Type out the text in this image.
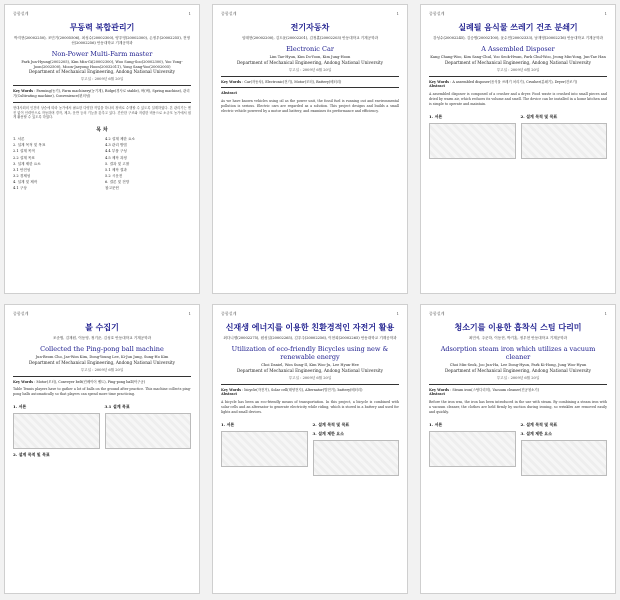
종합설계	1
무동력 복합관리기
박지현(20002250), 조민기(20005506), 최성수(20002300), 양우영(20002300), 손정우(20002255), 전영선(20002256) 안동대학교 기계공학과
Non-Power Multi-Farm master
Park Jun-Hyung(2002205), Kim Min-Gi(20002300), Woo Sung-Soo(20002300), Yoo Yong-Joon(2002500), Moon-Jaeyong Hoon(20032011), Yong Sang-Yoo(20002005)
Department of Mechanical Engineering, Andong National University
투고일 : 2009년 6월 20일
Key Words : Farming(농기), Farm machinery(농기계), Ridge(경사로 stable), 벼(벼), Spring machine), 관리기(Cultivating machine), Convenience(편의성)
현대사회의 인건비 상승에 따라 농가에서 필요한 다양한 작업을 하나의 장비로 수행할 수 있도록 설계하였다. 본 관리기는 엔진 없이 인력만으로 작동하며 경작, 제초, 운반 등의 기능을 갖추고 있다. 간단한 구조와 저렴한 비용으로 소규모 농가에서 쉽게 활용할 수 있도록 하였다.
목 차
1. 서론
2. 설계 목적 및 목표
2.1 설계 목적
2.2 설계 목표
3. 설계 제한 요소
3.1 안전성
3.2 경제성
4. 설계 및 제작
4.1 구상
4.2 설계 제한 요소
4.3 관리 방법
4.4 부품 구성
4.5 제작 과정
5. 결과 및 고찰
5.1 제작 결과
5.2 시운전
6. 결론 및 전망
참고문헌
종합설계	1
전기자동차
임태현(20002200), 김도윤(20002201), 김정훈(20002203) 안동대학교 기계공학과
Electronic Car
Lim Tae-Hyun, Kim Do-Yoon, Kim Jung-Hoon
Department of Mechanical Engineering, Andong National University
투고일 : 2009년 6월 20일
Key Words : Car(자동차), Electronic(전기), Motor(모터), Battery(배터리)
Abstract
As we have known vehicles using oil as the power unit, the fossil fuel is running out and environmental pollution is serious. Electric cars are regarded as a solution. This project designs and builds a small electric vehicle powered by a motor and battery, and examines its performance and efficiency.
종합설계	1
실례될 음식물 쓰레기 건조 분쇄기
강성수(20002245), 김승범(20002100), 윤수민(20002333), 남재영(20002216) 안동대학교 기계공학과
A Assembled Disposer
Kang Chang-Woo, Kim Sang-Chul, Yoo Seok-Hwan, Park Chul-Woo, Jeong Min-Yong, Jun-Tae Han
Department of Mechanical Engineering, Andong National University
투고일 : 2009년 6월 20일
Key Words : A assembled disposer(음식물 쓰레기 처리기), Crusher(분쇄기), Dryer(건조기)
Abstract
A assembled disposer is composed of a crusher and a dryer. Food waste is crushed into small pieces and dried by warm air, which reduces its volume and smell. The device can be installed in a home kitchen and is simple to operate and maintain.
1. 서론	2. 설계 목적 및 목표
종합설계	1
볼 수집기
조준범, 김재원, 이동영, 정기준, 김성호 안동대학교 기계공학과
Collected the Ping-pong ball machine
Jun-Beom Cho, Jae-Won Kim, Dong-Young Lee, Ki-Jun Jung, Sung-Ho Kim
Department of Mechanical Engineering, Andong National University
투고일 : 2009년 6월 20일
Key Words : Motor(모터), Conveyer belt(컨베이어 벨트), Ping-pong ball(탁구공)
Table Tennis players have to gather a lot of balls on the ground after practice. This machine collects ping-pong balls automatically so that players can spend more time practicing.
1. 서론
2. 설계 목적 및 목표
3.1 설계 목표
종합설계	1
신재생 에너지를 이용한 친환경적인 자전거 활용
최다니엘(20002275), 원성일(20002265), 김우주(20002256), 이현희(20002265) 안동대학교 기계공학과
Utilization of eco-friendly Bicycles using new & renewable energy
Choi Daniel, Won Sung-Il, Kim Woo-Ju, Lee Hyun-Hee
Department of Mechanical Engineering, Andong National University
투고일 : 2009년 6월 20일
Key Words : bicycle(자전거), Solar cell(태양전지), Alternator(발전기), battery(배터리)
Abstract
A bicycle has been an eco-friendly means of transportation. In this project, a bicycle is combined with solar cells and an alternator to generate electricity while riding, which is stored in a battery and used for lights and small devices.
1. 서론	2. 설계 목적 및 목표
3. 설계 제한 요소
종합설계	1
청소기를 이용한 흡착식 스팀 다리미
최민석, 주준하, 이동현, 박기홍, 정우현 안동대학교 기계공학과
Adsorption steam iron which utilizes a vacuum cleaner
Choi Min-Seok, Joo Jun-Ha, Lee Dong-Hyun, Park Ki-Hong, Jung Woo-Hyun
Department of Mechanical Engineering, Andong National University
투고일 : 2009년 6월 20일
Key Words : Steam iron(스팀다리미), Vacuum cleaner(진공청소기)
Abstract
Before the iron was, the iron has been introduced in the use with steam. By combining a steam iron with a vacuum cleaner, the clothes are held firmly by suction during ironing, so wrinkles are removed easily and quickly.
1. 서론	2. 설계 목적 및 목표
3. 설계 제한 요소
